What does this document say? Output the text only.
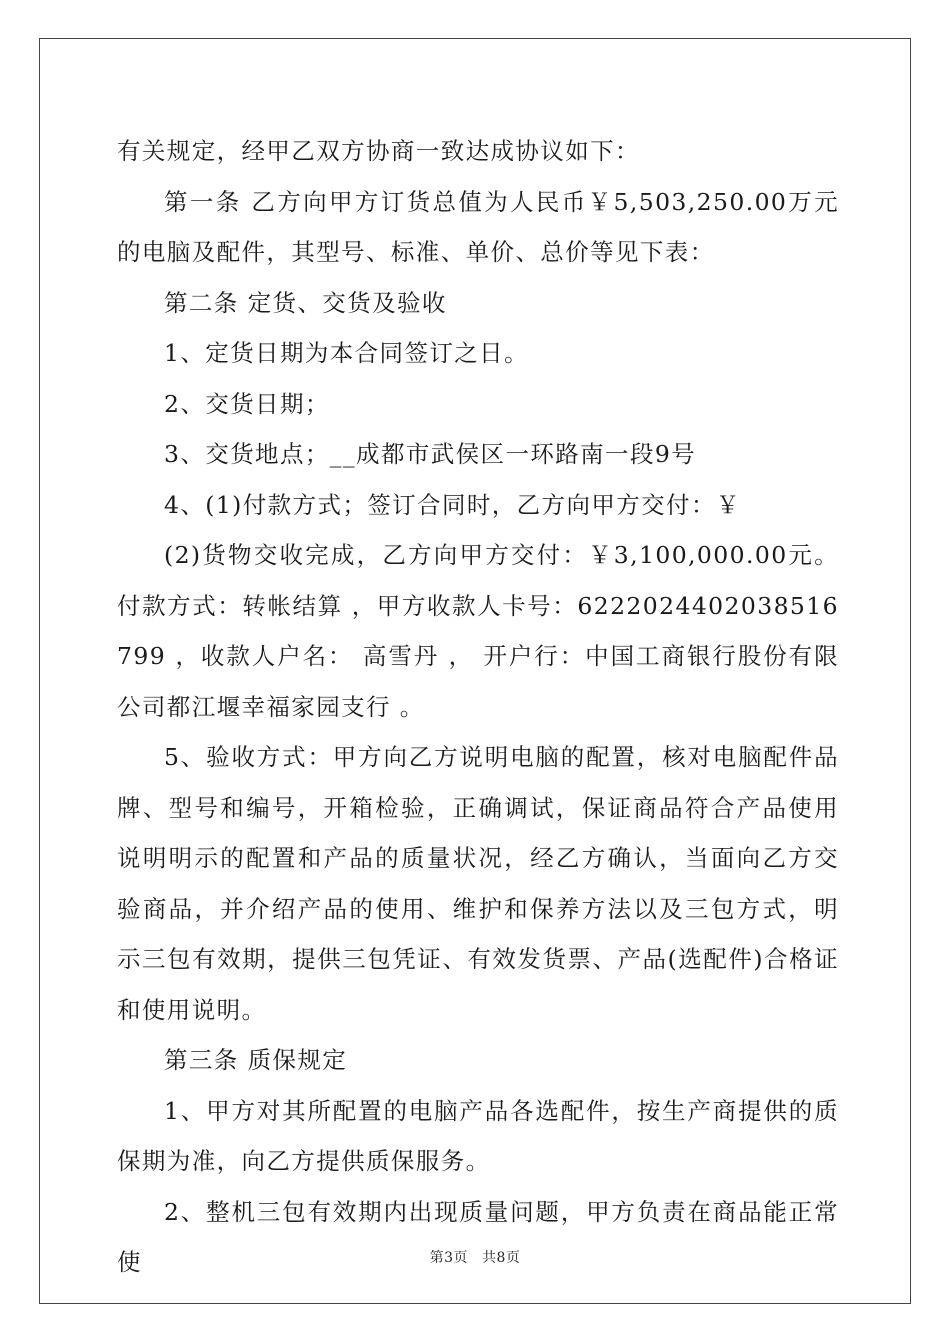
有关规定，经甲乙双方协商一致达成协议如下：

第一条 乙方向甲方订货总值为人民币￥5,503,250.00万元的电脑及配件，其型号、标准、单价、总价等见下表：

第二条 定货、交货及验收

1、定货日期为本合同签订之日。

2、交货日期；

3、交货地点；__成都市武侯区一环路南一段9号

4、(1)付款方式；签订合同时，乙方向甲方交付：￥

(2)货物交收完成，乙方向甲方交付：￥3,100,000.00元。付款方式：转帐结算 ，甲方收款人卡号：6222024402038516799 ，收款人户名： 高雪丹 ， 开户行：中国工商银行股份有限公司都江堰幸福家园支行 。

5、验收方式：甲方向乙方说明电脑的配置，核对电脑配件品牌、型号和编号，开箱检验，正确调试，保证商品符合产品使用说明明示的配置和产品的质量状况，经乙方确认，当面向乙方交验商品，并介绍产品的使用、维护和保养方法以及三包方式，明示三包有效期，提供三包凭证、有效发货票、产品(选配件)合格证和使用说明。

第三条 质保规定

1、甲方对其所配置的电脑产品各选配件，按生产商提供的质保期为准，向乙方提供质保服务。

2、整机三包有效期内出现质量问题，甲方负责在商品能正常使	第3页 共8页
